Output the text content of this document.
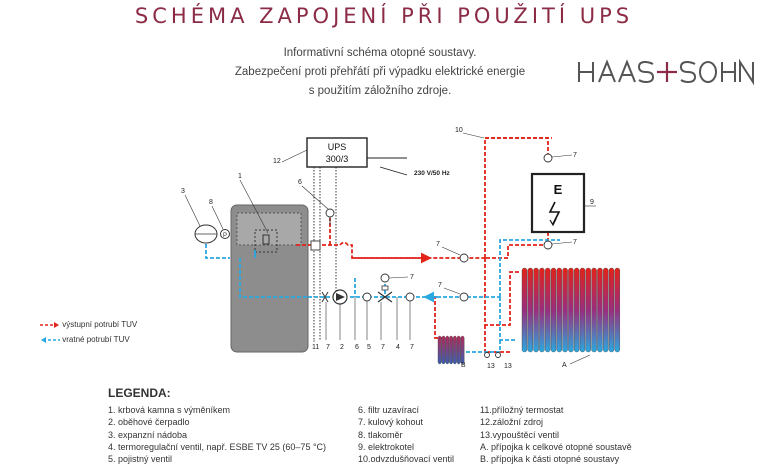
SCHÉMA ZAPOJENÍ PŘI POUŽITÍ UPS
Informativní schéma otopné soustavy.
Zabezpečení proti přehřátí při výpadku elektrické energie
s použitím záložního zdroje.
1
3
P
8
UPS
300/3
12
230 V/50 Hz
10
E
9
7
7
7
7
7
6
11 7 2 6 5 7 4 7
A
B	13 13
výstupní potrubí TUV
vratné potrubí TUV
LEGENDA:
1. krbová kamna s výměníkem
2. oběhové čerpadlo
3. expanzní nádoba
4. termoregulační ventil, např. ESBE TV 25 (60–75 °C)
5. pojistný ventil
6. filtr uzavírací
7. kulový kohout
8. tlakoměr
9. elektrokotel
10.odvzdušňovací ventil
11.příložný termostat
12.záložní zdroj
13.vypouštěcí ventil
A. přípojka k celkové otopné soustavě
B. přípojka k části otopné soustavy
